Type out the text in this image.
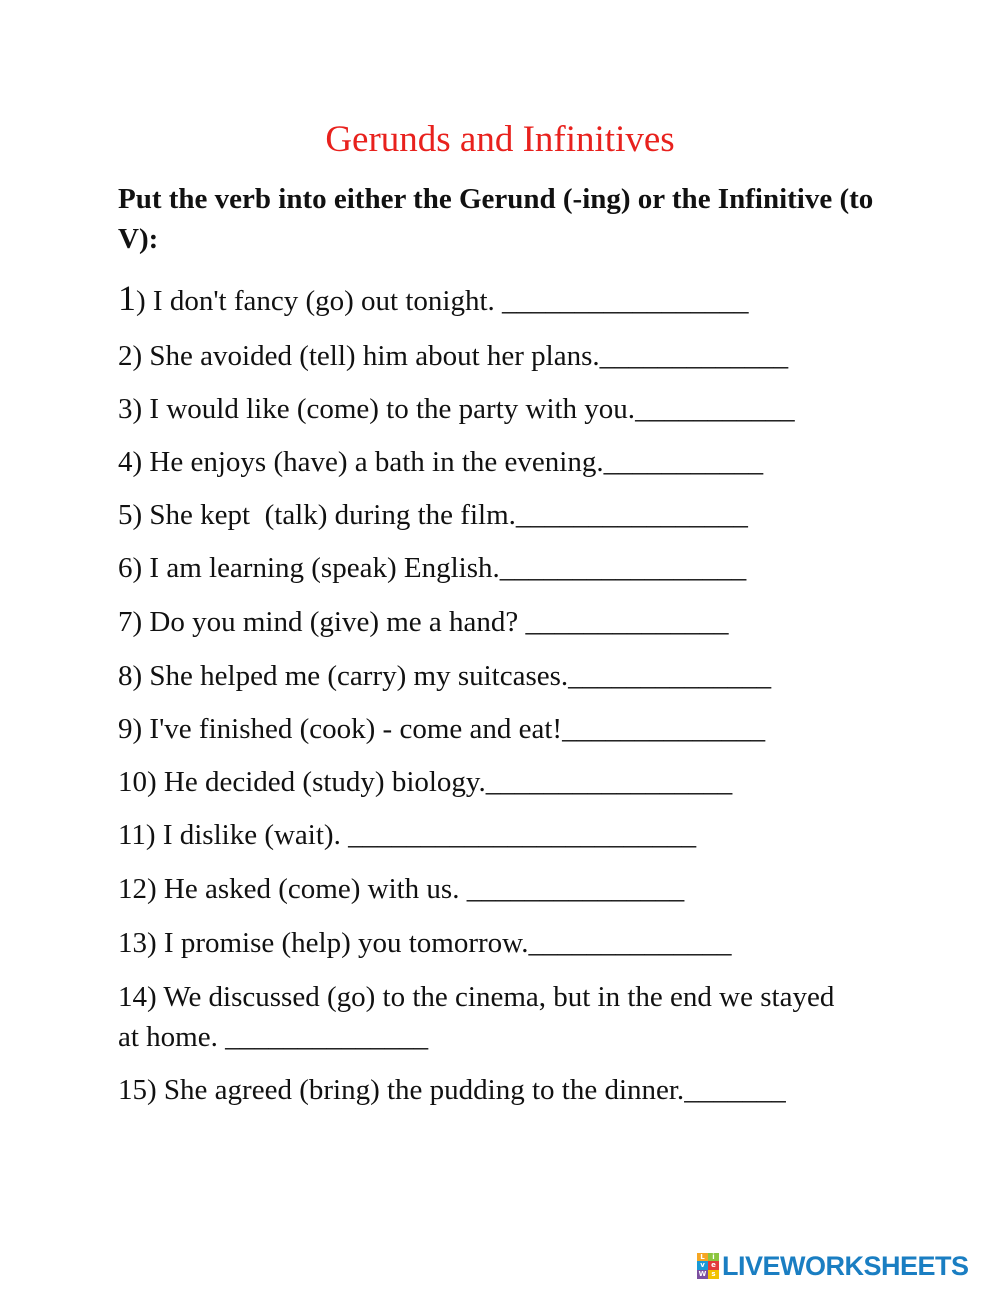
Gerunds and Infinitives
Put the verb into either the Gerund (-ing) or the Infinitive (to V):
1) I don't fancy (go) out tonight. _________________
2) She avoided (tell) him about her plans._____________
3) I would like (come) to the party with you.___________
4) He enjoys (have) a bath in the evening.___________
5) She kept  (talk) during the film.________________
6) I am learning (speak) English._________________
7) Do you mind (give) me a hand? ______________
8) She helped me (carry) my suitcases.______________
9) I've finished (cook) - come and eat!______________
10) He decided (study) biology._________________
11) I dislike (wait). ________________________
12) He asked (come) with us. _______________
13) I promise (help) you tomorrow.______________
14) We discussed (go) to the cinema, but in the end we stayed at home. ______________
15) She agreed (bring) the pudding to the dinner._______
L	i
v e
W s LIVEWORKSHEETS
